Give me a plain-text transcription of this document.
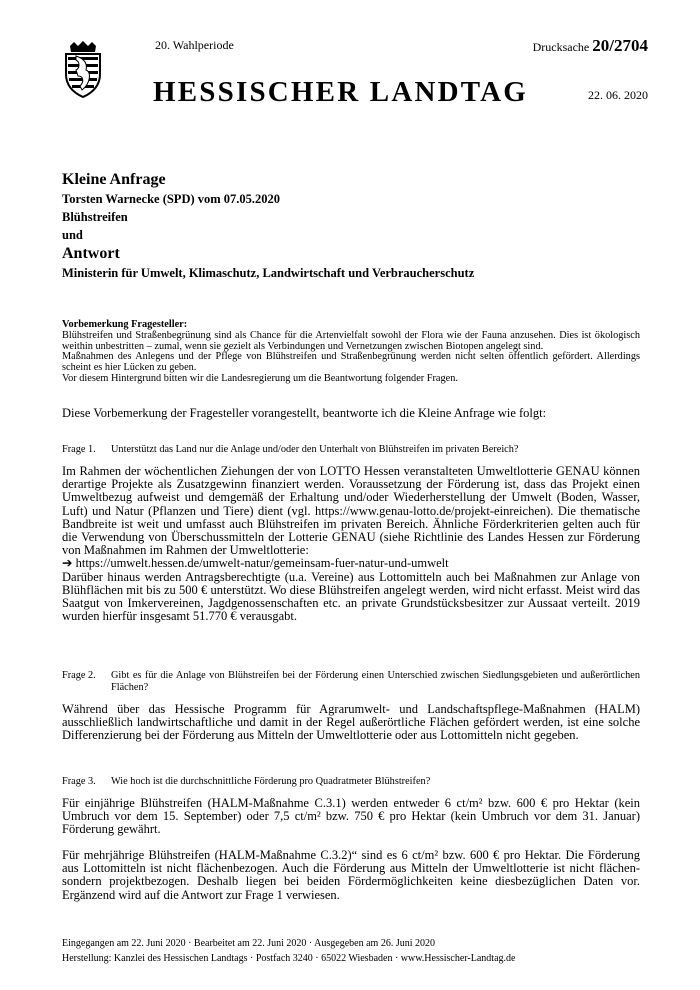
20. Wahlperiode
HESSISCHER LANDTAG
Drucksache 20/2704
22. 06. 2020
Kleine Anfrage
Torsten Warnecke (SPD) vom 07.05.2020
Blühstreifen
und
Antwort
Ministerin für Umwelt, Klimaschutz, Landwirtschaft und Verbraucherschutz

Vorbemerkung Fragesteller:

Blühstreifen und Straßenbegrünung sind als Chance für die Artenvielfalt sowohl der Flora wie der Fauna anzusehen. Dies ist ökologisch weithin unbestritten – zumal, wenn sie gezielt als Verbindungen und Vernetzungen zwischen Biotopen angelegt sind.

Maßnahmen des Anlegens und der Pflege von Blühstreifen und Straßenbegrünung werden nicht selten öffentlich gefördert. Allerdings scheint es hier Lücken zu geben.

Vor diesem Hintergrund bitten wir die Landesregierung um die Beantwortung folgender Fragen.

Diese Vorbemerkung der Fragesteller vorangestellt, beantworte ich die Kleine Anfrage wie folgt:
Frage 1. Unterstützt das Land nur die Anlage und/oder den Unterhalt von Blühstreifen im privaten Bereich?

Im Rahmen der wöchentlichen Ziehungen der von LOTTO Hessen veranstalteten Umweltlotterie GENAU können derartige Projekte als Zusatzgewinn finanziert werden. Voraussetzung der Förderung ist, dass das Projekt einen Umweltbezug aufweist und demgemäß der Erhaltung und/oder Wiederherstellung der Umwelt (Boden, Wasser, Luft) und Natur (Pflanzen und Tiere) dient (vgl. https://www.genau-lotto.de/projekt-einreichen). Die thematische Bandbreite ist weit und umfasst auch Blühstreifen im privaten Bereich. Ähnliche Förderkriterien gelten auch für die Verwendung von Überschussmitteln der Lotterie GENAU (siehe Richtlinie des Landes Hessen zur Förderung von Maßnahmen im Rahmen der Umweltlotterie:

➔ https://umwelt.hessen.de/umwelt-natur/gemeinsam-fuer-natur-und-umwelt

Darüber hinaus werden Antragsberechtigte (u.a. Vereine) aus Lottomitteln auch bei Maßnahmen zur Anlage von Blühflächen mit bis zu 500 € unterstützt. Wo diese Blühstreifen angelegt werden, wird nicht erfasst. Meist wird das Saatgut von Imkervereinen, Jagdgenossenschaften etc. an private Grundstücksbesitzer zur Aussaat verteilt. 2019 wurden hierfür insgesamt 51.770 € verausgabt.

Frage 2. Gibt es für die Anlage von Blühstreifen bei der Förderung einen Unterschied zwischen Siedlungsgebieten und außerörtlichen Flächen?

Während über das Hessische Programm für Agrarumwelt- und Landschaftspflege-Maßnahmen (HALM) ausschließlich landwirtschaftliche und damit in der Regel außerörtliche Flächen gefördert werden, ist eine solche Differenzierung bei der Förderung aus Mitteln der Umweltlotterie oder aus Lottomitteln nicht gegeben.

Frage 3. Wie hoch ist die durchschnittliche Förderung pro Quadratmeter Blühstreifen?

Für einjährige Blühstreifen (HALM-Maßnahme C.3.1) werden entweder 6 ct/m² bzw. 600 € pro Hektar (kein Umbruch vor dem 15. September) oder 7,5 ct/m² bzw. 750 € pro Hektar (kein Umbruch vor dem 31. Januar) Förderung gewährt.

Für mehrjährige Blühstreifen (HALM-Maßnahme C.3.2)“ sind es 6 ct/m² bzw. 600 € pro Hektar. Die Förderung aus Lottomitteln ist nicht flächenbezogen. Auch die Förderung aus Mitteln der Umweltlotterie ist nicht flächen- sondern projektbezogen. Deshalb liegen bei beiden Fördermöglichkeiten keine diesbezüglichen Daten vor. Ergänzend wird auf die Antwort zur Frage 1 verwiesen.

Eingegangen am 22. Juni 2020 · Bearbeitet am 22. Juni 2020 · Ausgegeben am 26. Juni 2020
Herstellung: Kanzlei des Hessischen Landtags · Postfach 3240 · 65022 Wiesbaden · www.Hessischer-Landtag.de
